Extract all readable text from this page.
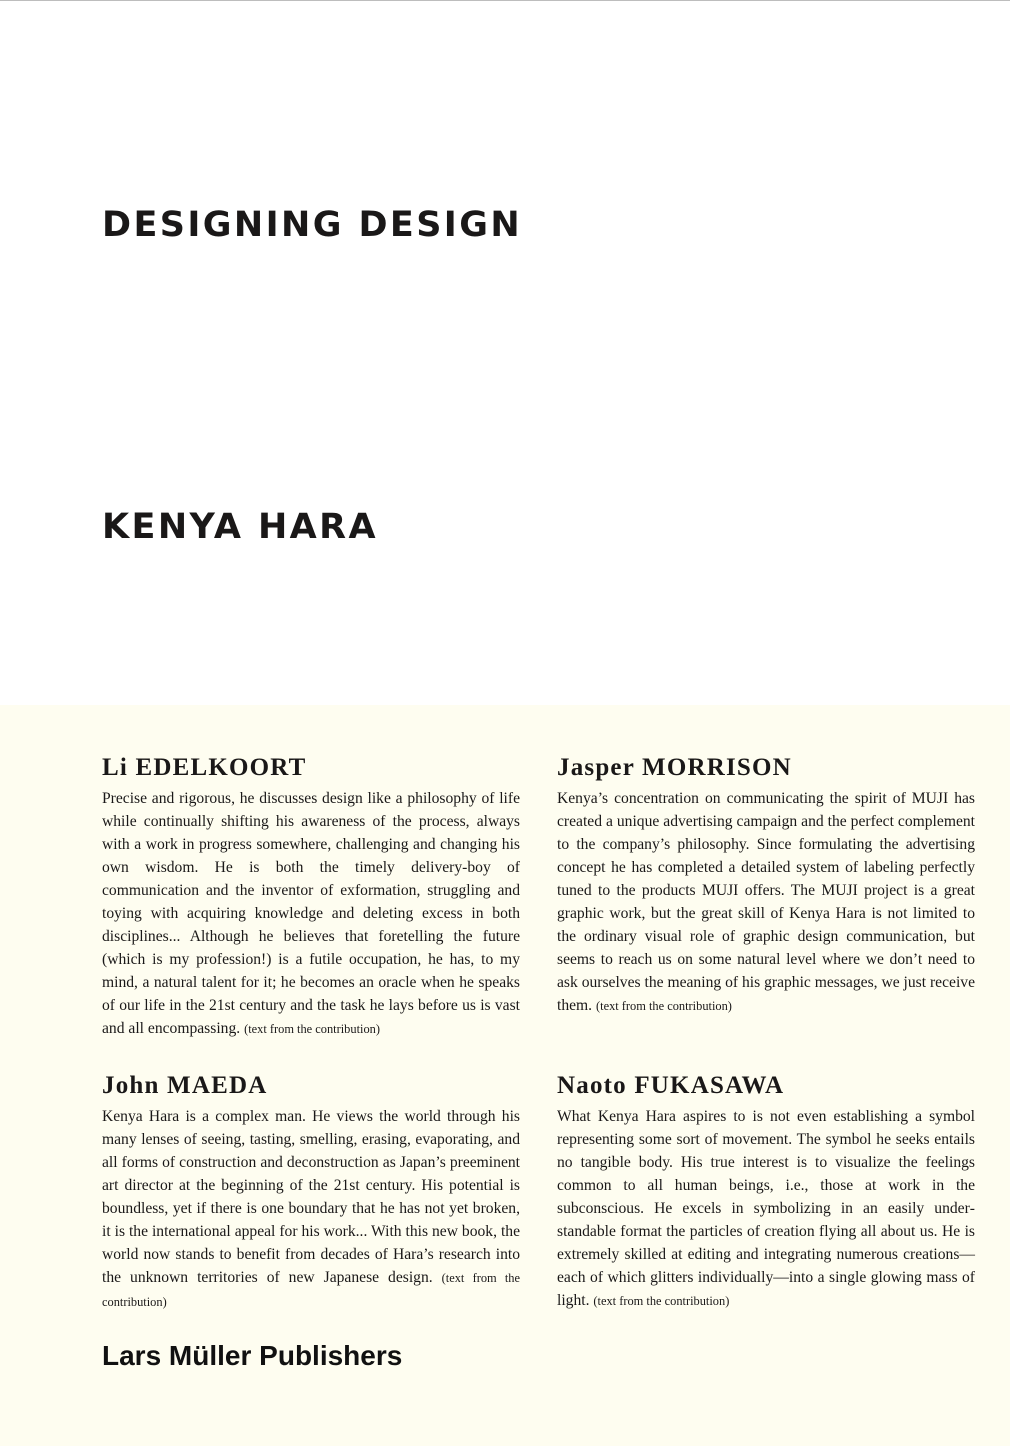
DESIGNING DESIGN
KENYA HARA
Li EDELKOORT

Precise and rigorous, he discusses design like a philosophy of life while continually shifting his awareness of the process, always with a work in progress somewhere, challenging and changing his own wisdom. He is both the timely delivery-boy of communication and the inventor of exformation, struggling and toying with acquiring knowledge and deleting excess in both disciplines... Although he believes that foretelling the future (which is my profession!) is a futile occupation, he has, to my mind, a natural talent for it; he becomes an oracle when he speaks of our life in the 21st century and the task he lays before us is vast and all encompassing. (text from the contribution)

Jasper MORRISON

Kenya’s concentration on communicating the spirit of MUJI has created a unique advertising campaign and the perfect complement to the company’s philosophy. Since formulating the advertising concept he has completed a detailed system of labeling perfectly tuned to the products MUJI offers. The MUJI project is a great graphic work, but the great skill of Kenya Hara is not limited to the ordinary visual role of graphic design communication, but seems to reach us on some natural level where we don’t need to ask ourselves the meaning of his graphic messages, we just receive them. (text from the contribution)

John MAEDA

Kenya Hara is a complex man. He views the world through his many lenses of seeing, tasting, smelling, erasing, evaporating, and all forms of construction and deconstruction as Japan’s preeminent art director at the beginning of the 21st century. His potential is boundless, yet if there is one boundary that he has not yet broken, it is the international appeal for his work... With this new book, the world now stands to benefit from decades of Hara’s research into the unknown territories of new Japanese design. (text from the contribution)

Naoto FUKASAWA

What Kenya Hara aspires to is not even establishing a symbol representing some sort of movement. The symbol he seeks entails no tangible body. His true interest is to visualize the feelings common to all human beings, i.e., those at work in the subconscious. He excels in symbolizing in an easily understandable format the particles of creation flying all about us. He is extremely skilled at editing and integrating numerous creations—each of which glitters individually—into a single glowing mass of light. (text from the contribution)

Lars Müller Publishers
